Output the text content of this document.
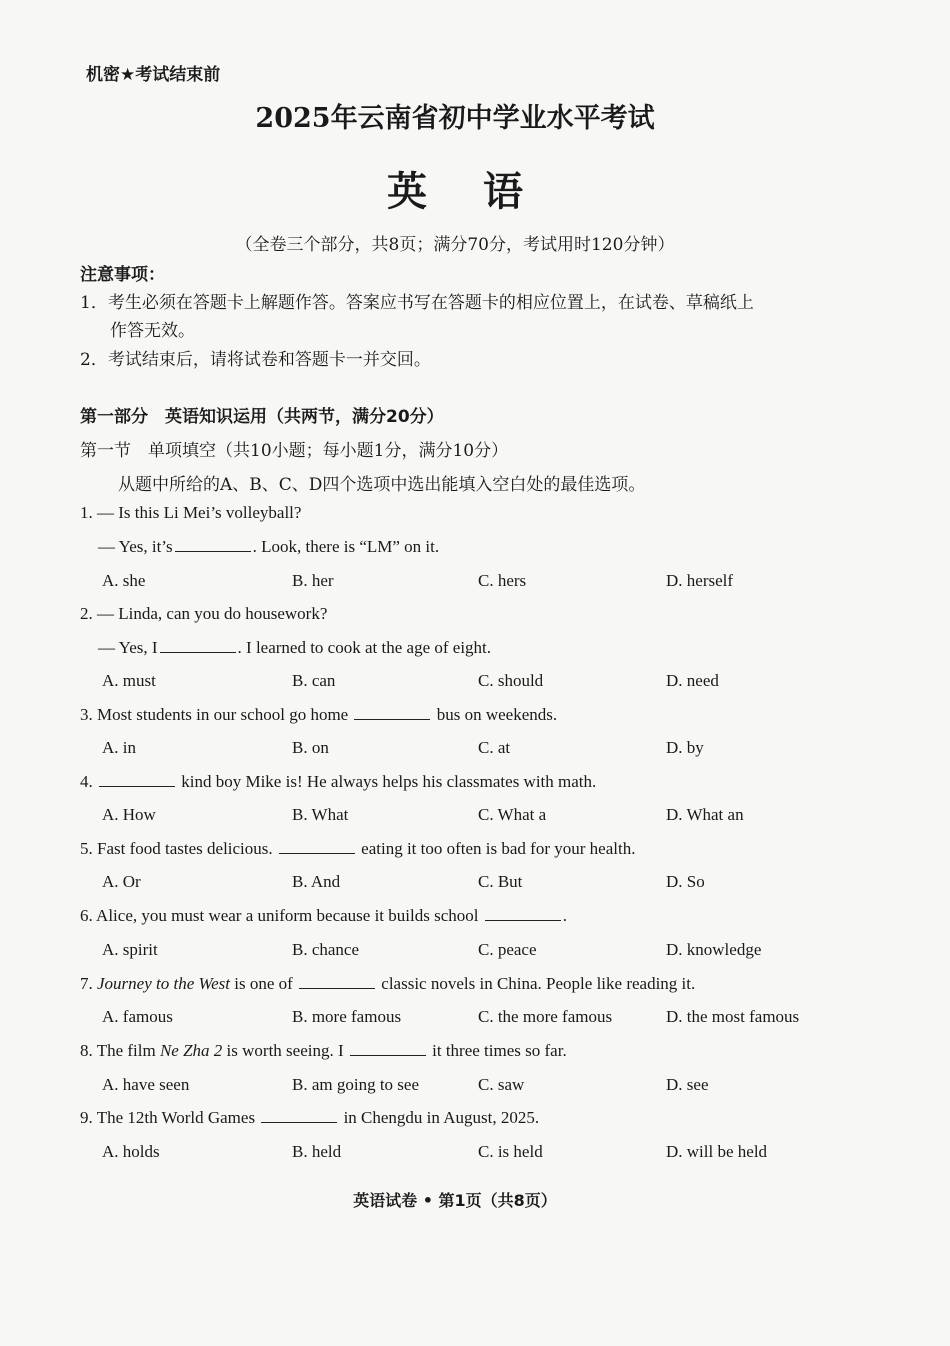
机密★考试结束前
2025年云南省初中学业水平考试
英语
（全卷三个部分，共8页；满分70分，考试用时120分钟）
注意事项：
1．考生必须在答题卡上解题作答。答案应书写在答题卡的相应位置上，在试卷、草稿纸上
作答无效。
2．考试结束后，请将试卷和答题卡一并交回。
第一部分　英语知识运用（共两节，满分20分）
第一节　单项填空（共10小题；每小题1分，满分10分）
从题中所给的A、B、C、D四个选项中选出能填入空白处的最佳选项。
1. — Is this Li Mei’s volleyball?
— Yes, it’s	. Look, there is “LM” on it.
A. she	B. her	C. hers	D. herself
2. — Linda, can you do housework?
— Yes, I	. I learned to cook at the age of eight.
A. must	B. can	C. should	D. need
3. Most students in our school go home	bus on weekends.
A. in	B. on	C. at	D. by
4.	kind boy Mike is! He always helps his classmates with math.
A. How	B. What	C. What a	D. What an
5. Fast food tastes delicious.	eating it too often is bad for your health.
A. Or	B. And	C. But	D. So
6. Alice, you must wear a uniform because it builds school	.
A. spirit	B. chance	C. peace	D. knowledge
7. Journey to the West is one of	classic novels in China. People like reading it.
A. famous	B. more famous	C. the more famous	D. the most famous
8. The film Ne Zha 2 is worth seeing. I	it three times so far.
A. have seen	B. am going to see	C. saw	D. see
9. The 12th World Games	in Chengdu in August, 2025.
A. holds	B. held	C. is held	D. will be held
英语试卷 • 第1页（共8页）
